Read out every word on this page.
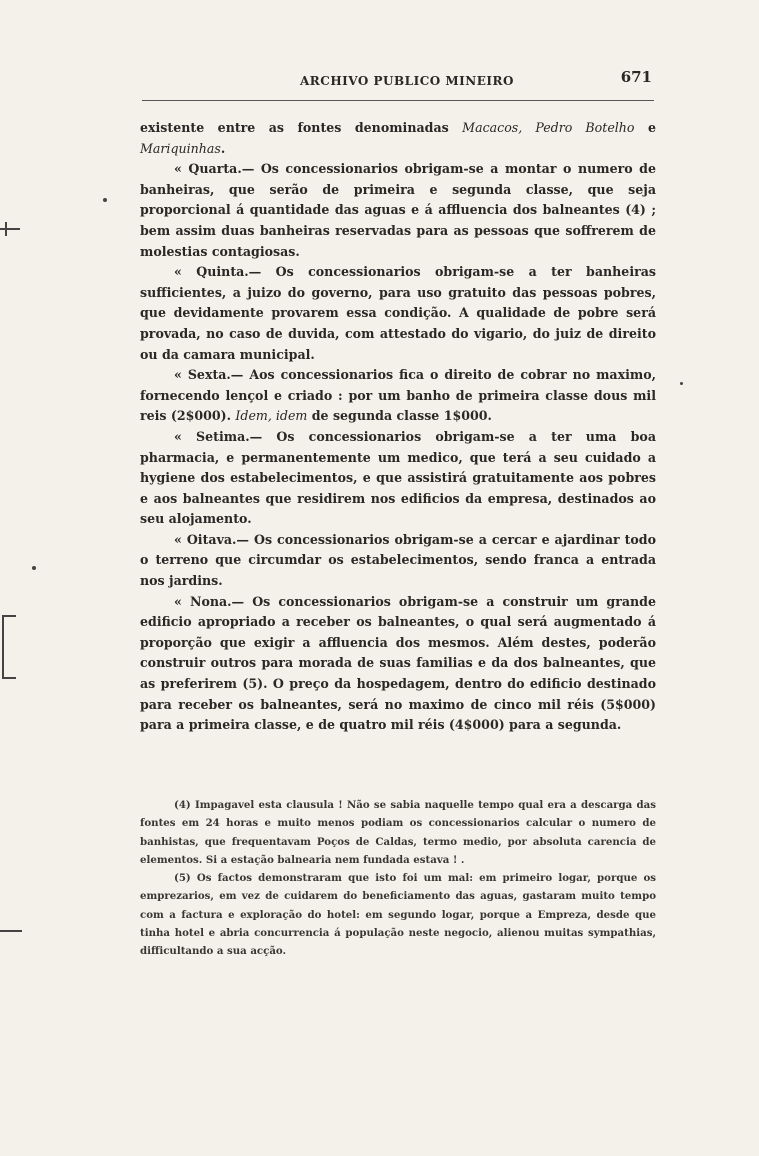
ARCHIVO PUBLICO MINEIRO	671

existente entre as fontes denominadas Macacos, Pedro Botelho e Mariquinhas.

« Quarta.— Os concessionarios obrigam-se a montar o numero de banheiras, que serão de primeira e segunda classe, que seja proporcional á quantidade das aguas e á affluencia dos balneantes (4) ; bem assim duas banheiras reservadas para as pessoas que soffrerem de molestias contagiosas.

« Quinta.— Os concessionarios obrigam-se a ter banheiras sufficientes, a juizo do governo, para uso gratuito das pessoas pobres, que devidamente provarem essa condição. A qualidade de pobre será provada, no caso de duvida, com attestado do vigario, do juiz de direito ou da camara municipal.

« Sexta.— Aos concessionarios fica o direito de cobrar no maximo, fornecendo lençol e criado : por um banho de primeira classe dous mil reis (2$000). Idem, idem de segunda classe 1$000.

« Setima.— Os concessionarios obrigam-se a ter uma boa pharmacia, e permanentemente um medico, que terá a seu cuidado a hygiene dos estabelecimentos, e que assistirá gratuitamente aos pobres e aos balneantes que residirem nos edificios da empresa, destinados ao seu alojamento.

« Oitava.— Os concessionarios obrigam-se a cercar e ajardinar todo o terreno que circumdar os estabelecimentos, sendo franca a entrada nos jardins.

« Nona.— Os concessionarios obrigam-se a construir um grande edificio apropriado a receber os balneantes, o qual será augmentado á proporção que exigir a affluencia dos mesmos. Além destes, poderão construir outros para morada de suas familias e da dos balneantes, que as preferirem (5). O preço da hospedagem, dentro do edificio destinado para receber os balneantes, será no maximo de cinco mil réis (5$000) para a primeira classe, e de quatro mil réis (4$000) para a segunda.

(4) Impagavel esta clausula ! Não se sabia naquelle tempo qual era a descarga das fontes em 24 horas e muito menos podiam os concessionarios calcular o numero de banhistas, que frequentavam Poços de Caldas, termo medio, por absoluta carencia de elementos. Si a estação balnearia nem fundada estava ! .

(5) Os factos demonstraram que isto foi um mal: em primeiro logar, porque os emprezarios, em vez de cuidarem do beneficiamento das aguas, gastaram muito tempo com a factura e exploração do hotel: em segundo logar, porque a Empreza, desde que tinha hotel e abria concurrencia á população neste negocio, alienou muitas sympathias, difficultando a sua acção.
